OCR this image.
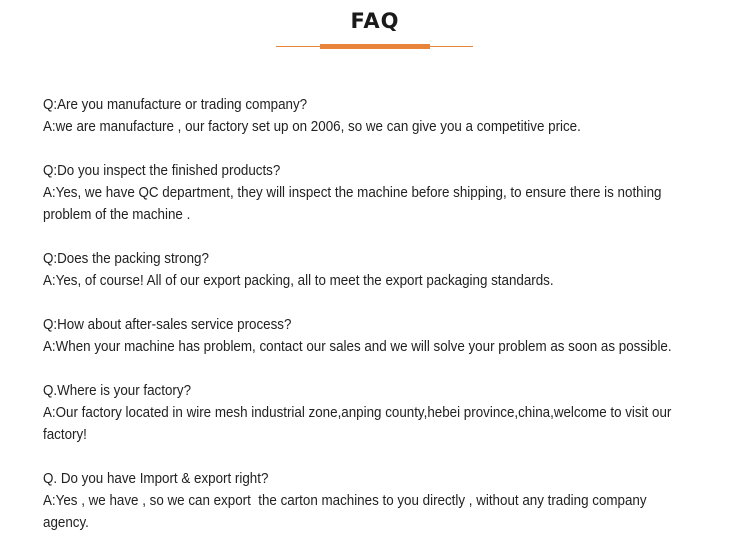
FAQ
Q:Are you manufacture or trading company?
A:we are manufacture , our factory set up on 2006, so we can give you a competitive price.
Q:Do you inspect the finished products?
A:Yes, we have QC department, they will inspect the machine before shipping, to ensure there is nothing
problem of the machine .
Q:Does the packing strong?
A:Yes, of course! All of our export packing, all to meet the export packaging standards.
Q:How about after-sales service process?
A:When your machine has problem, contact our sales and we will solve your problem as soon as possible.
Q.Where is your factory?
A:Our factory located in wire mesh industrial zone,anping county,hebei province,china,welcome to visit our
factory!
Q. Do you have Import & export right?
A:Yes , we have , so we can export  the carton machines to you directly , without any trading company
agency.
